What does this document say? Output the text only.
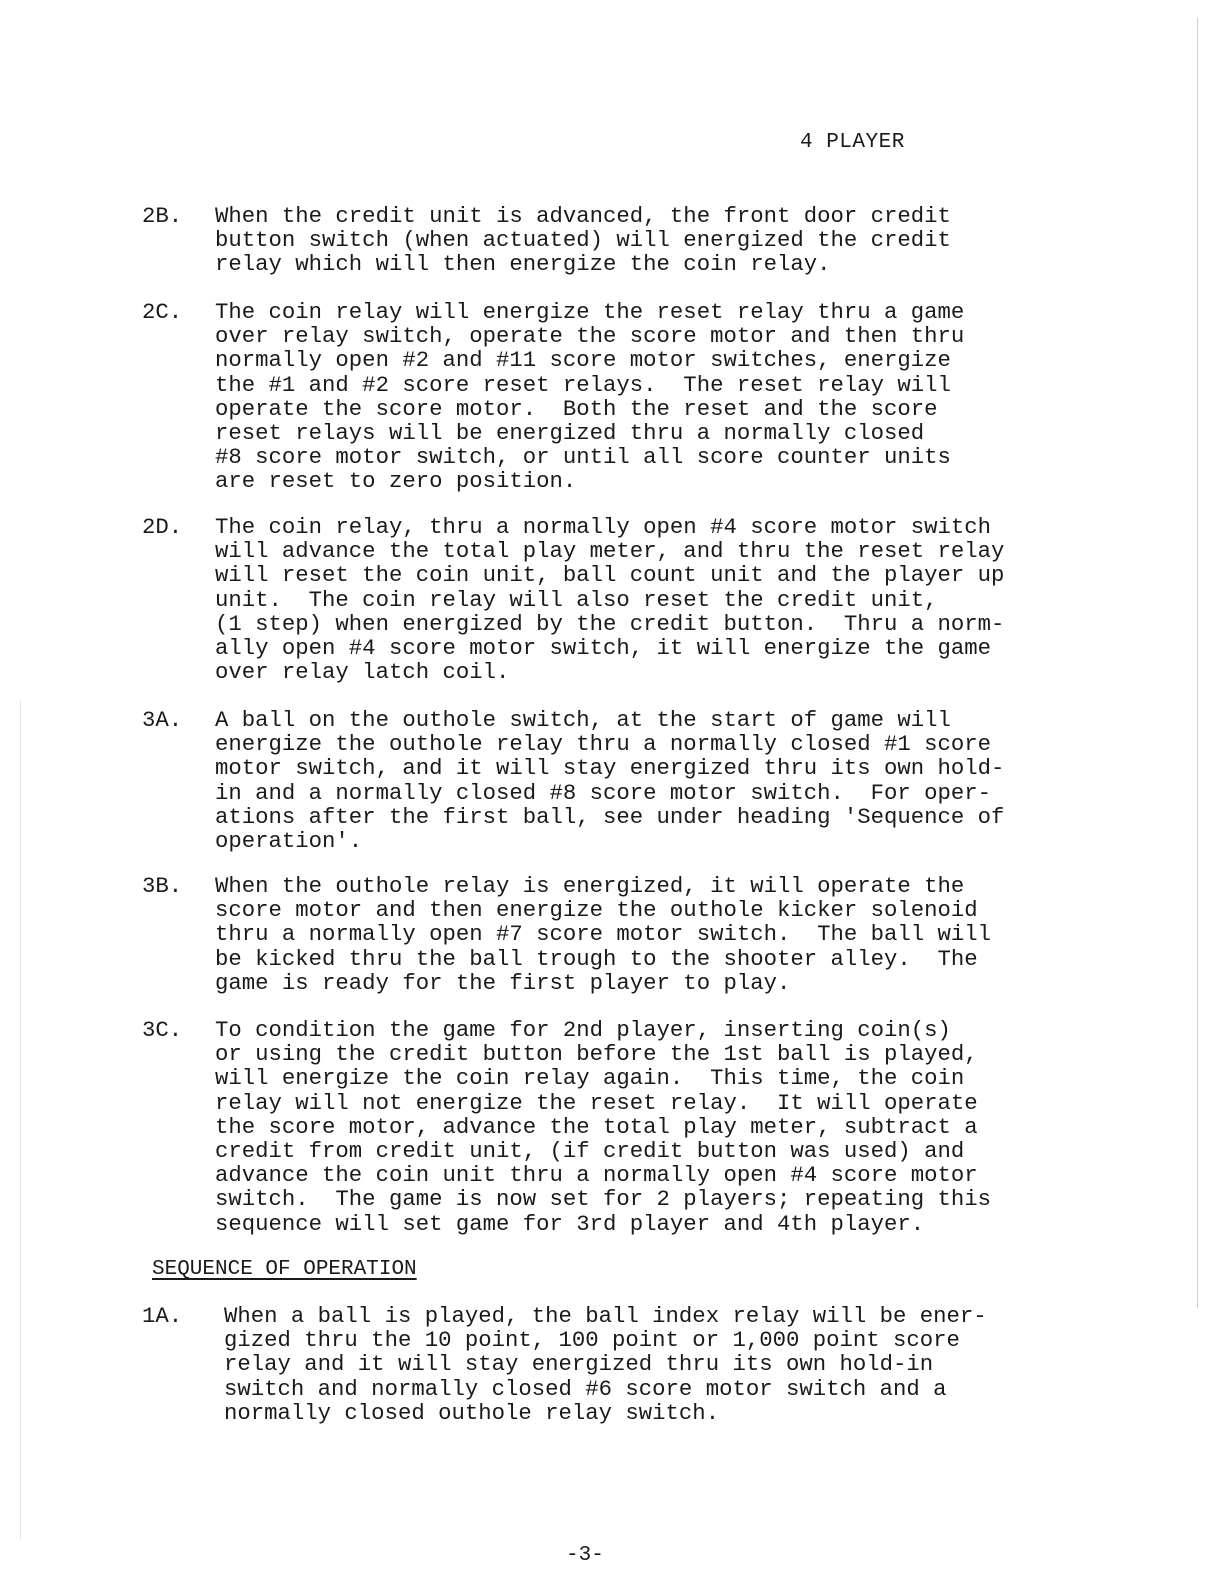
4 PLAYER
2B. When the credit unit is advanced, the front door credit
button switch (when actuated) will energized the credit
relay which will then energize the coin relay.
2C. The coin relay will energize the reset relay thru a game
over relay switch, operate the score motor and then thru
normally open #2 and #11 score motor switches, energize
the #1 and #2 score reset relays.  The reset relay will
operate the score motor.  Both the reset and the score
reset relays will be energized thru a normally closed
#8 score motor switch, or until all score counter units
are reset to zero position.
2D. The coin relay, thru a normally open #4 score motor switch
will advance the total play meter, and thru the reset relay
will reset the coin unit, ball count unit and the player up
unit.  The coin relay will also reset the credit unit,
(1 step) when energized by the credit button.  Thru a norm-
ally open #4 score motor switch, it will energize the game
over relay latch coil.
3A. A ball on the outhole switch, at the start of game will
energize the outhole relay thru a normally closed #1 score
motor switch, and it will stay energized thru its own hold-
in and a normally closed #8 score motor switch.  For oper-
ations after the first ball, see under heading 'Sequence of
operation'.
3B. When the outhole relay is energized, it will operate the
score motor and then energize the outhole kicker solenoid
thru a normally open #7 score motor switch.  The ball will
be kicked thru the ball trough to the shooter alley.  The
game is ready for the first player to play.
3C. To condition the game for 2nd player, inserting coin(s)
or using the credit button before the 1st ball is played,
will energize the coin relay again.  This time, the coin
relay will not energize the reset relay.  It will operate
the score motor, advance the total play meter, subtract a
credit from credit unit, (if credit button was used) and
advance the coin unit thru a normally open #4 score motor
switch.  The game is now set for 2 players; repeating this
sequence will set game for 3rd player and 4th player.
SEQUENCE OF OPERATION
1A. When a ball is played, the ball index relay will be ener-
gized thru the 10 point, 100 point or 1,000 point score
relay and it will stay energized thru its own hold-in
switch and normally closed #6 score motor switch and a
normally closed outhole relay switch.
-3-
